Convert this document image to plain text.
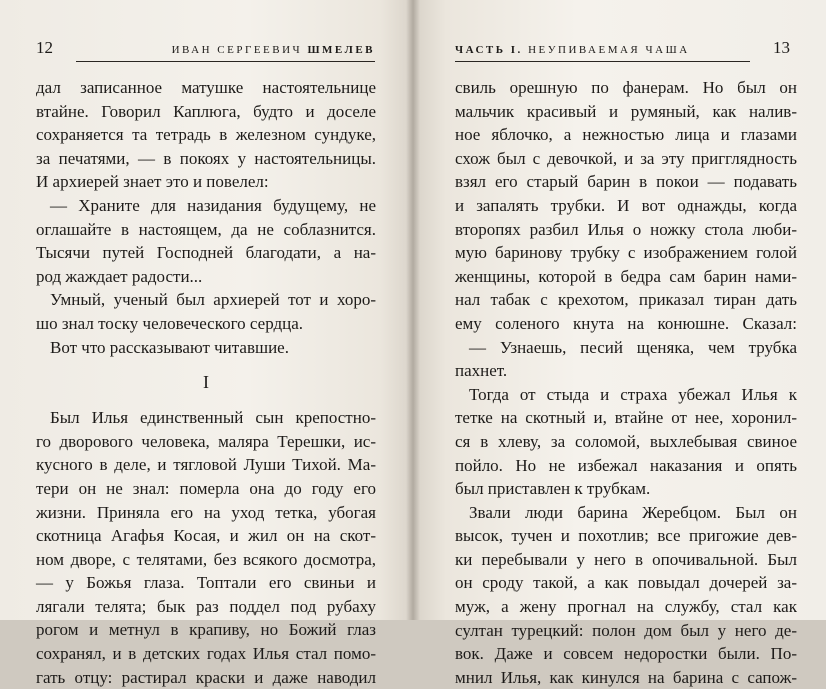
12	ИВАН СЕРГЕЕВИЧ ШМЕЛЕВ
дал записанное матушке настоятельнице
втайне. Говорил Каплюга, будто и доселе
сохраняется та тетрадь в железном сундуке,
за печатями, — в покоях у настоятельницы.
И архиерей знает это и повелел:
— Храните для назидания будущему, не
оглашайте в настоящем, да не соблазнится.
Тысячи путей Господней благодати, а на-
род жаждает радости...
Умный, ученый был архиерей тот и хоро-
шо знал тоску человеческого сердца.
Вот что рассказывают читавшие.
I
Был Илья единственный сын крепостно-
го дворового человека, маляра Терешки, ис-
кусного в деле, и тягловой Луши Тихой. Ма-
тери он не знал: померла она до году его
жизни. Приняла его на уход тетка, убогая
скотница Агафья Косая, и жил он на скот-
ном дворе, с телятами, без всякого досмотра,
— у Божья глаза. Топтали его свиньи и
лягали телята; бык раз поддел под рубаху
рогом и метнул в крапиву, но Божий глаз
сохранял, и в детских годах Илья стал помо-
гать отцу: растирал краски и даже наводил
ЧАСТЬ I. НЕУПИВАЕМАЯ ЧАША	13
свиль орешную по фанерам. Но был он
мальчик красивый и румяный, как налив-
ное яблочко, а нежностью лица и глазами
схож был с девочкой, и за эту пригглядность
взял его старый барин в покои — подавать
и запалять трубки. И вот однажды, когда
второпях разбил Илья о ножку стола люби-
мую баринову трубку с изображением голой
женщины, которой в бедра сам барин нами-
нал табак с крехотом, приказал тиран дать
ему соленого кнута на конюшне. Сказал:
— Узнаешь, песий щеняка, чем трубка
пахнет.
Тогда от стыда и страха убежал Илья к
тетке на скотный и, втайне от нее, хоронил-
ся в хлеву, за соломой, выхлебывая свиное
пойло. Но не избежал наказания и опять
был приставлен к трубкам.
Звали люди барина Жеребцом. Был он
высок, тучен и похотлив; все пригожие дев-
ки перебывали у него в опочивальной. Был
он сроду такой, а как повыдал дочерей за-
муж, а жену прогнал на службу, стал как
султан турецкий: полон дом был у него де-
вок. Даже и совсем недоростки были. По-
мнил Илья, как кинулся на барина с сапож-
